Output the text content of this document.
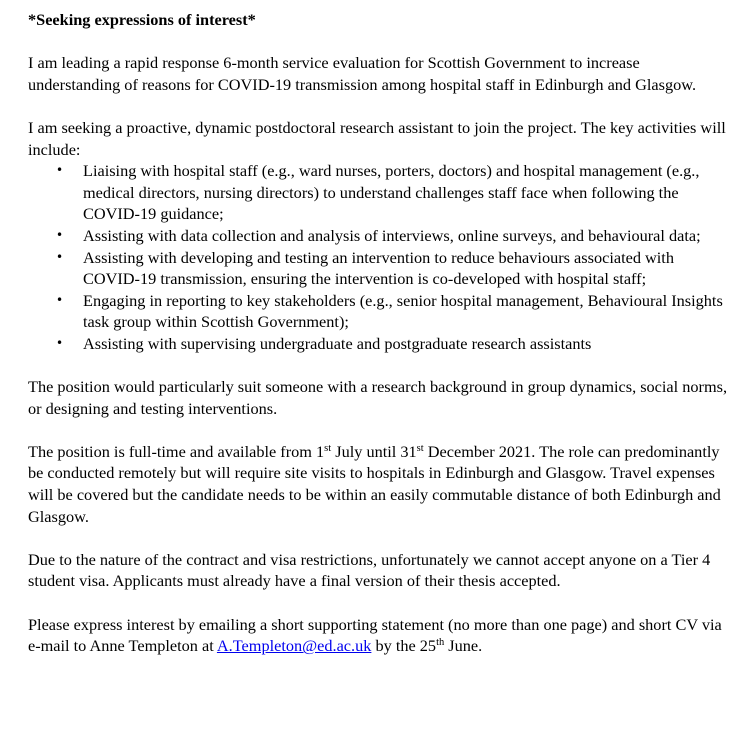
*Seeking expressions of interest*

I am leading a rapid response 6-month service evaluation for Scottish Government to increase understanding of reasons for COVID-19 transmission among hospital staff in Edinburgh and Glasgow.

I am seeking a proactive, dynamic postdoctoral research assistant to join the project. The key activities will include:

• Liaising with hospital staff (e.g., ward nurses, porters, doctors) and hospital management (e.g., medical directors, nursing directors) to understand challenges staff face when following the COVID-19 guidance;
• Assisting with data collection and analysis of interviews, online surveys, and behavioural data;
• Assisting with developing and testing an intervention to reduce behaviours associated with COVID-19 transmission, ensuring the intervention is co-developed with hospital staff;
• Engaging in reporting to key stakeholders (e.g., senior hospital management, Behavioural Insights task group within Scottish Government);
• Assisting with supervising undergraduate and postgraduate research assistants

The position would particularly suit someone with a research background in group dynamics, social norms, or designing and testing interventions.

The position is full-time and available from 1st July until 31st December 2021. The role can predominantly be conducted remotely but will require site visits to hospitals in Edinburgh and Glasgow. Travel expenses will be covered but the candidate needs to be within an easily commutable distance of both Edinburgh and Glasgow.

Due to the nature of the contract and visa restrictions, unfortunately we cannot accept anyone on a Tier 4 student visa. Applicants must already have a final version of their thesis accepted.

Please express interest by emailing a short supporting statement (no more than one page) and short CV via e-mail to Anne Templeton at A.Templeton@ed.ac.uk by the 25th June.
